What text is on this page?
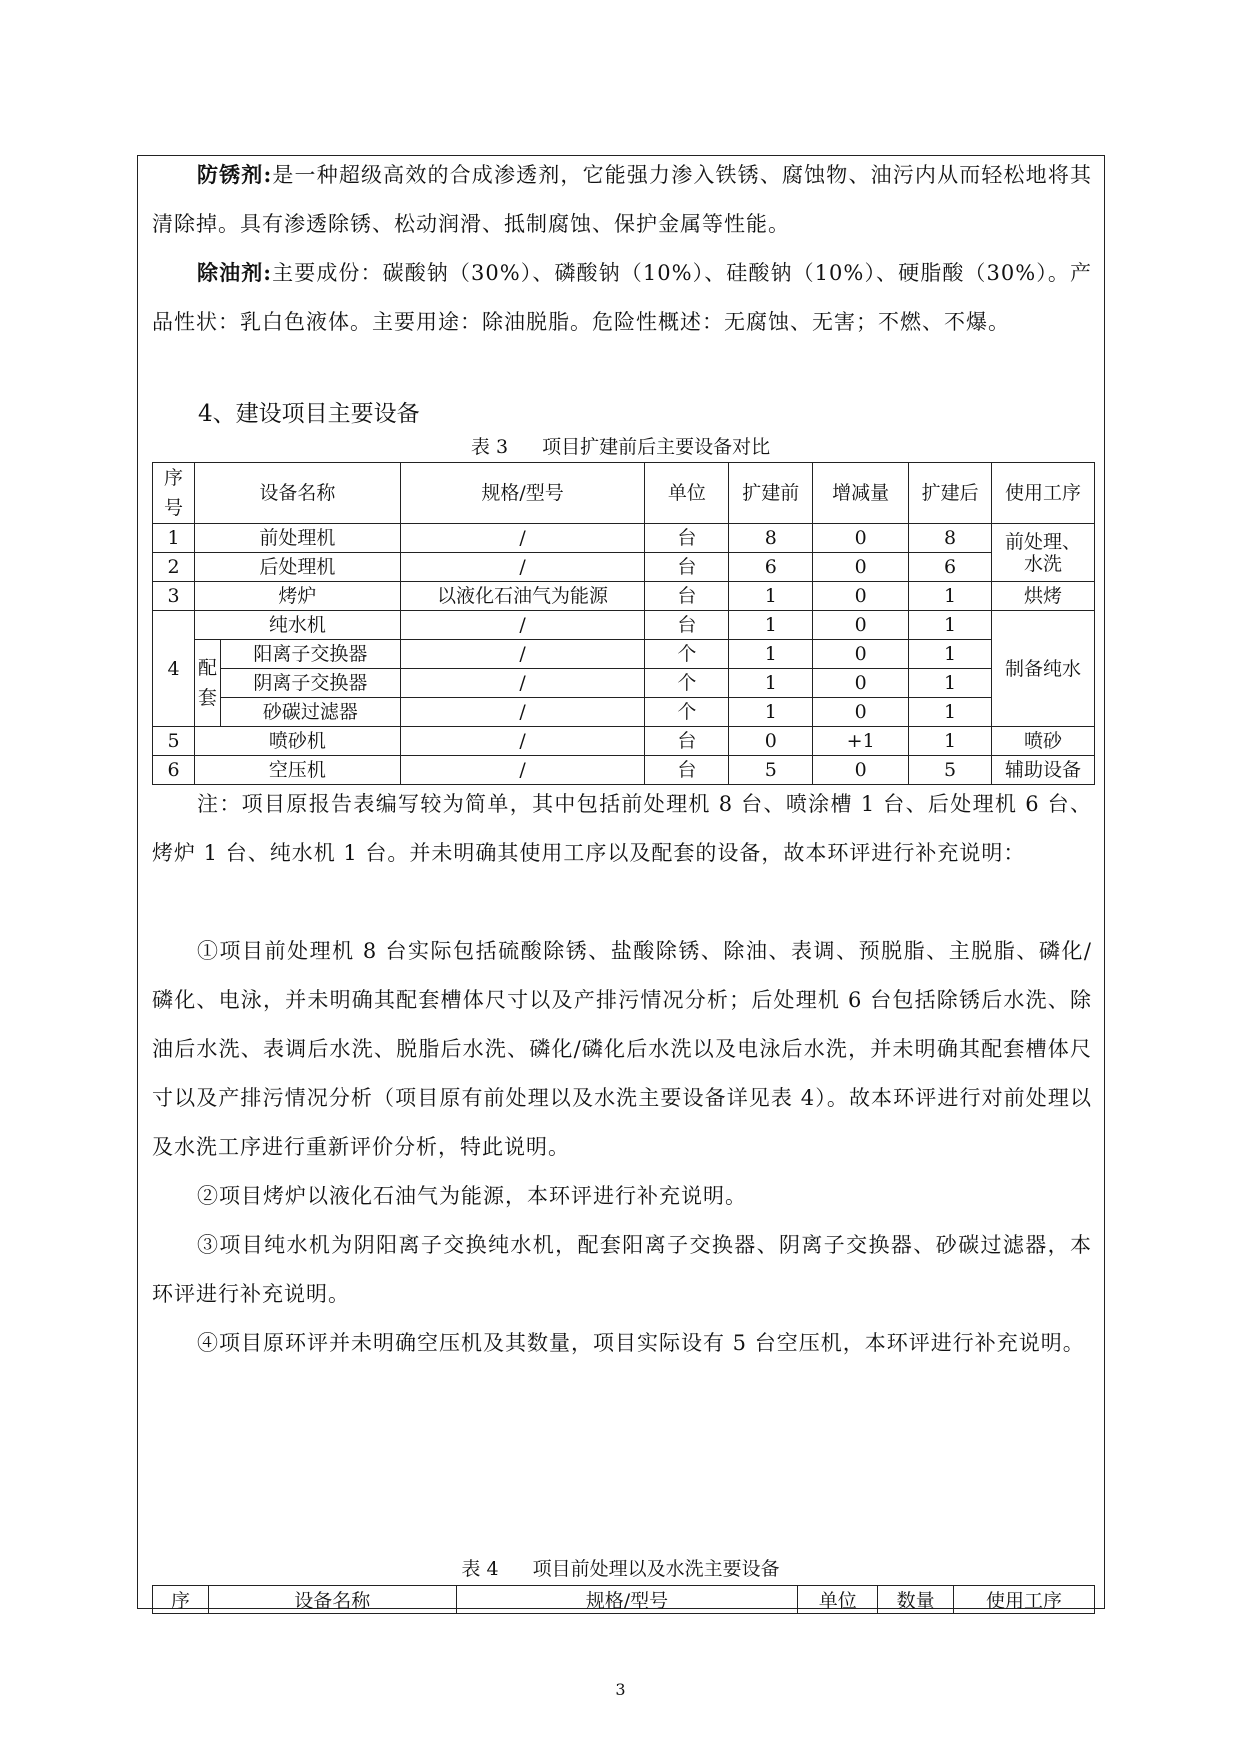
防锈剂:是一种超级高效的合成渗透剂，它能强力渗入铁锈、腐蚀物、油污内从而轻松地将其清除掉。具有渗透除锈、松动润滑、抵制腐蚀、保护金属等性能。

除油剂:主要成份：碳酸钠（30%）、磷酸钠（10%）、硅酸钠（10%）、硬脂酸（30%）。产品性状：乳白色液体。主要用途：除油脱脂。危险性概述：无腐蚀、无害；不燃、不爆。

4、建设项目主要设备

表 3 项目扩建前后主要设备对比
序号	设备名称		规格/型号	单位	扩建前	增减量	扩建后	使用工序
1	前处理机		/	台	8	0	8	前处理、水洗
2	后处理机		/	台	6	0	6	
3	烤炉		以液化石油气为能源	台	1	0	1	烘烤
4	纯水机		/	台	1	0	1	制备纯水
	配套	阳离子交换器	/	个	1	0	1	
		阴离子交换器	/	个	1	0	1	
		砂碳过滤器	/	个	1	0	1	
5	喷砂机		/	台	0	+1	1	喷砂
6	空压机		/	台	5	0	5	辅助设备

注：项目原报告表编写较为简单，其中包括前处理机 8 台、喷涂槽 1 台、后处理机 6 台、烤炉 1 台、纯水机 1 台。并未明确其使用工序以及配套的设备，故本环评进行补充说明：

①项目前处理机 8 台实际包括硫酸除锈、盐酸除锈、除油、表调、预脱脂、主脱脂、磷化/磷化、电泳，并未明确其配套槽体尺寸以及产排污情况分析；后处理机 6 台包括除锈后水洗、除油后水洗、表调后水洗、脱脂后水洗、磷化/磷化后水洗以及电泳后水洗，并未明确其配套槽体尺寸以及产排污情况分析（项目原有前处理以及水洗主要设备详见表 4）。故本环评进行对前处理以及水洗工序进行重新评价分析，特此说明。

②项目烤炉以液化石油气为能源，本环评进行补充说明。

③项目纯水机为阴阳离子交换纯水机，配套阳离子交换器、阴离子交换器、砂碳过滤器，本环评进行补充说明。

④项目原环评并未明确空压机及其数量，项目实际设有 5 台空压机，本环评进行补充说明。

表 4 项目前处理以及水洗主要设备
序	设备名称	规格/型号	单位	数量	使用工序
3
